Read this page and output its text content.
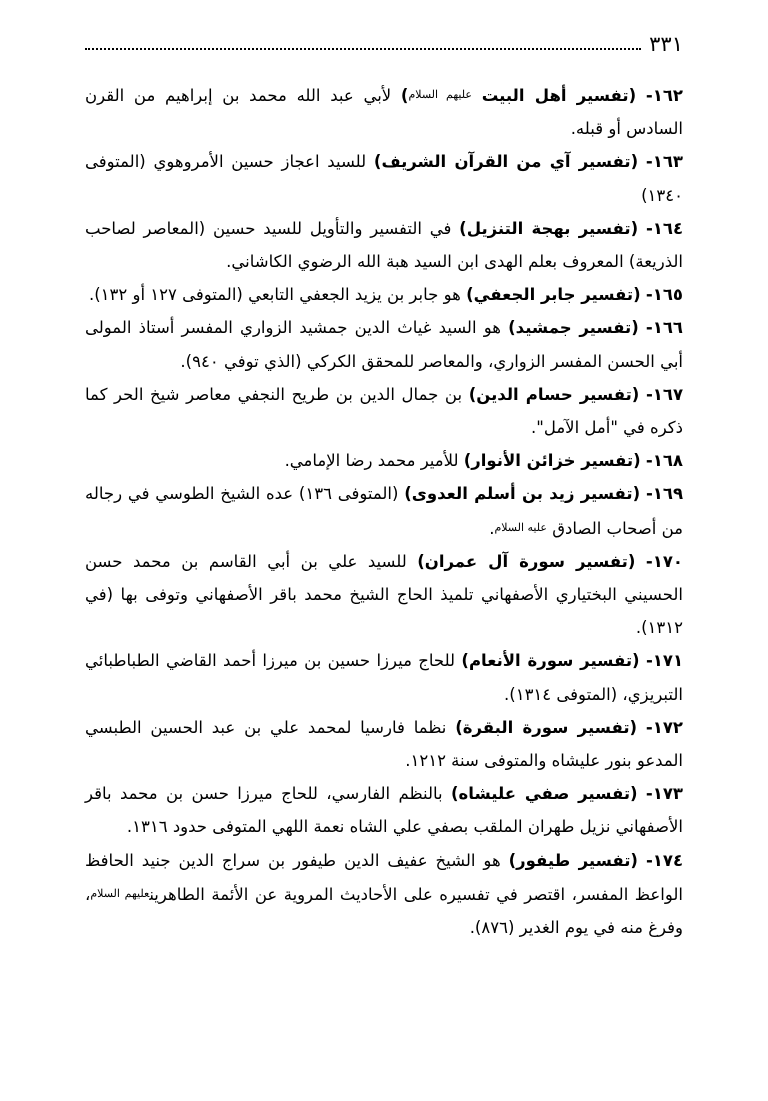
٣٣١

١٦٢- (تفسير أهل البيت عليهم السلام) لأبي عبد الله محمد بن إبراهيم من القرن السادس أو قبله.

١٦٣- (تفسير آي من القرآن الشريف) للسيد اعجاز حسين الأمروهوي (المتوفى ١٣٤٠)

١٦٤- (تفسير بهجة التنزيل) في التفسير والتأويل للسيد حسين (المعاصر لصاحب الذريعة) المعروف بعلم الهدى ابن السيد هبة الله الرضوي الكاشاني.

١٦٥- (تفسير جابر الجعفي) هو جابر بن يزيد الجعفي التابعي (المتوفى ١٢٧ أو ١٣٢).

١٦٦- (تفسير جمشيد) هو السيد غياث الدين جمشيد الزواري المفسر أستاذ المولى أبي الحسن المفسر الزواري، والمعاصر للمحقق الكركي (الذي توفي ٩٤٠).

١٦٧- (تفسير حسام الدين) بن جمال الدين بن طريح النجفي معاصر شيخ الحر كما ذكره في "أمل الآمل".

١٦٨- (تفسير خزائن الأنوار) للأمير محمد رضا الإمامي.

١٦٩- (تفسير زيد بن أسلم العدوى) (المتوفى ١٣٦) عده الشيخ الطوسي في رجاله من أصحاب الصادق عليه السلام.

١٧٠- (تفسير سورة آل عمران) للسيد علي بن أبي القاسم بن محمد حسن الحسيني البختياري الأصفهاني تلميذ الحاج الشيخ محمد باقر الأصفهاني وتوفى بها (في ١٣١٢).

١٧١- (تفسير سورة الأنعام) للحاج ميرزا حسين بن ميرزا أحمد القاضي الطباطبائي التبريزي، (المتوفى ١٣١٤).

١٧٢- (تفسير سورة البقرة) نظما فارسيا لمحمد علي بن عبد الحسين الطبسي المدعو بنور عليشاه والمتوفى سنة ١٢١٢.

١٧٣- (تفسير صفي عليشاه) بالنظم الفارسي، للحاج ميرزا حسن بن محمد باقر الأصفهاني نزيل طهران الملقب بصفي علي الشاه نعمة اللهي المتوفى حدود ١٣١٦.

١٧٤- (تفسير طيفور) هو الشيخ عفيف الدين طيفور بن سراج الدين جنيد الحافظ الواعظ المفسر، اقتصر في تفسيره على الأحاديث المروية عن الأئمة الطاهرينعليهم السلام، وفرغ منه في يوم الغدير (٨٧٦).
